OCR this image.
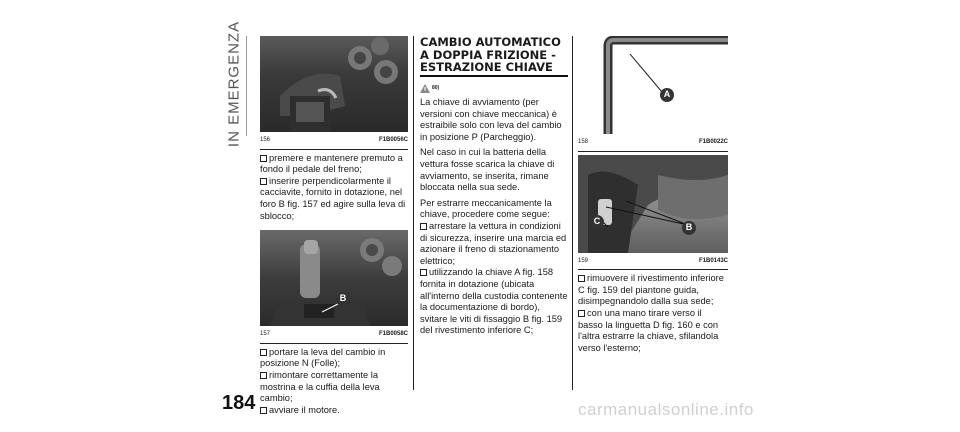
IN EMERGENZA	156	F1B0056C

premere e mantenere premuto a fondo il pedale del freno;

inserire perpendicolarmente il cacciavite, fornito in dotazione, nel foro B fig. 157 ed agire sulla leva di sblocco;

B
157	F1B0058C

portare la leva del cambio in posizione N (Folle);

rimontare correttamente la mostrina e la cuffia della leva cambio;

avviare il motore.

CAMBIO AUTOMATICO A DOPPIA FRIZIONE - ESTRAZIONE CHIAVE
80)

La chiave di avviamento (per versioni con chiave meccanica) è estraibile solo con leva del cambio in posizione P (Parcheggio).

Nel caso in cui la batteria della vettura fosse scarica la chiave di avviamento, se inserita, rimane bloccata nella sua sede.

Per estrarre meccanicamente la chiave, procedere come segue:

arrestare la vettura in condizioni di sicurezza, inserire una marcia ed azionare il freno di stazionamento elettrico;

utilizzando la chiave A fig. 158 fornita in dotazione (ubicata all'interno della custodia contenente la documentazione di bordo), svitare le viti di fissaggio B fig. 159 del rivestimento inferiore C;

A
158	F1B0022C
B
C
159	F1B0143C

rimuovere il rivestimento inferiore C fig. 159 del piantone guida, disimpegnandolo dalla sua sede;

con una mano tirare verso il basso la linguetta D fig. 160 e con l'altra estrarre la chiave, sfilandola verso l'esterno;

184	carmanualsonline.info
